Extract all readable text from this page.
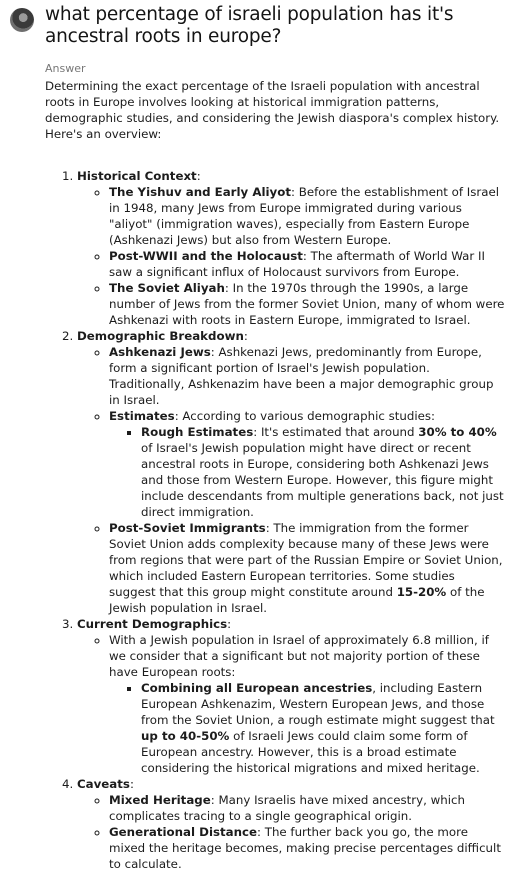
what percentage of israeli population has it's ancestral roots in europe?
Answer

Determining the exact percentage of the Israeli population with ancestral roots in Europe involves looking at historical immigration patterns, demographic studies, and considering the Jewish diaspora's complex history. Here's an overview:

1. Historical Context:
◦ The Yishuv and Early Aliyot: Before the establishment of Israel in 1948, many Jews from Europe immigrated during various "aliyot" (immigration waves), especially from Eastern Europe (Ashkenazi Jews) but also from Western Europe.
◦ Post-WWII and the Holocaust: The aftermath of World War II saw a significant influx of Holocaust survivors from Europe.
◦ The Soviet Aliyah: In the 1970s through the 1990s, a large number of Jews from the former Soviet Union, many of whom were Ashkenazi with roots in Eastern Europe, immigrated to Israel.
2. Demographic Breakdown:
◦ Ashkenazi Jews: Ashkenazi Jews, predominantly from Europe, form a significant portion of Israel's Jewish population. Traditionally, Ashkenazim have been a major demographic group in Israel.
◦ Estimates: According to various demographic studies:
▪ Rough Estimates: It's estimated that around 30% to 40% of Israel's Jewish population might have direct or recent ancestral roots in Europe, considering both Ashkenazi Jews and those from Western Europe. However, this figure might include descendants from multiple generations back, not just direct immigration.
◦ Post-Soviet Immigrants: The immigration from the former Soviet Union adds complexity because many of these Jews were from regions that were part of the Russian Empire or Soviet Union, which included Eastern European territories. Some studies suggest that this group might constitute around 15-20% of the Jewish population in Israel.
3. Current Demographics:
◦ With a Jewish population in Israel of approximately 6.8 million, if we consider that a significant but not majority portion of these have European roots:
▪ Combining all European ancestries, including Eastern European Ashkenazim, Western European Jews, and those from the Soviet Union, a rough estimate might suggest that up to 40-50% of Israeli Jews could claim some form of European ancestry. However, this is a broad estimate considering the historical migrations and mixed heritage.
4. Caveats:
◦ Mixed Heritage: Many Israelis have mixed ancestry, which complicates tracing to a single geographical origin.
◦ Generational Distance: The further back you go, the more mixed the heritage becomes, making precise percentages difficult to calculate.
